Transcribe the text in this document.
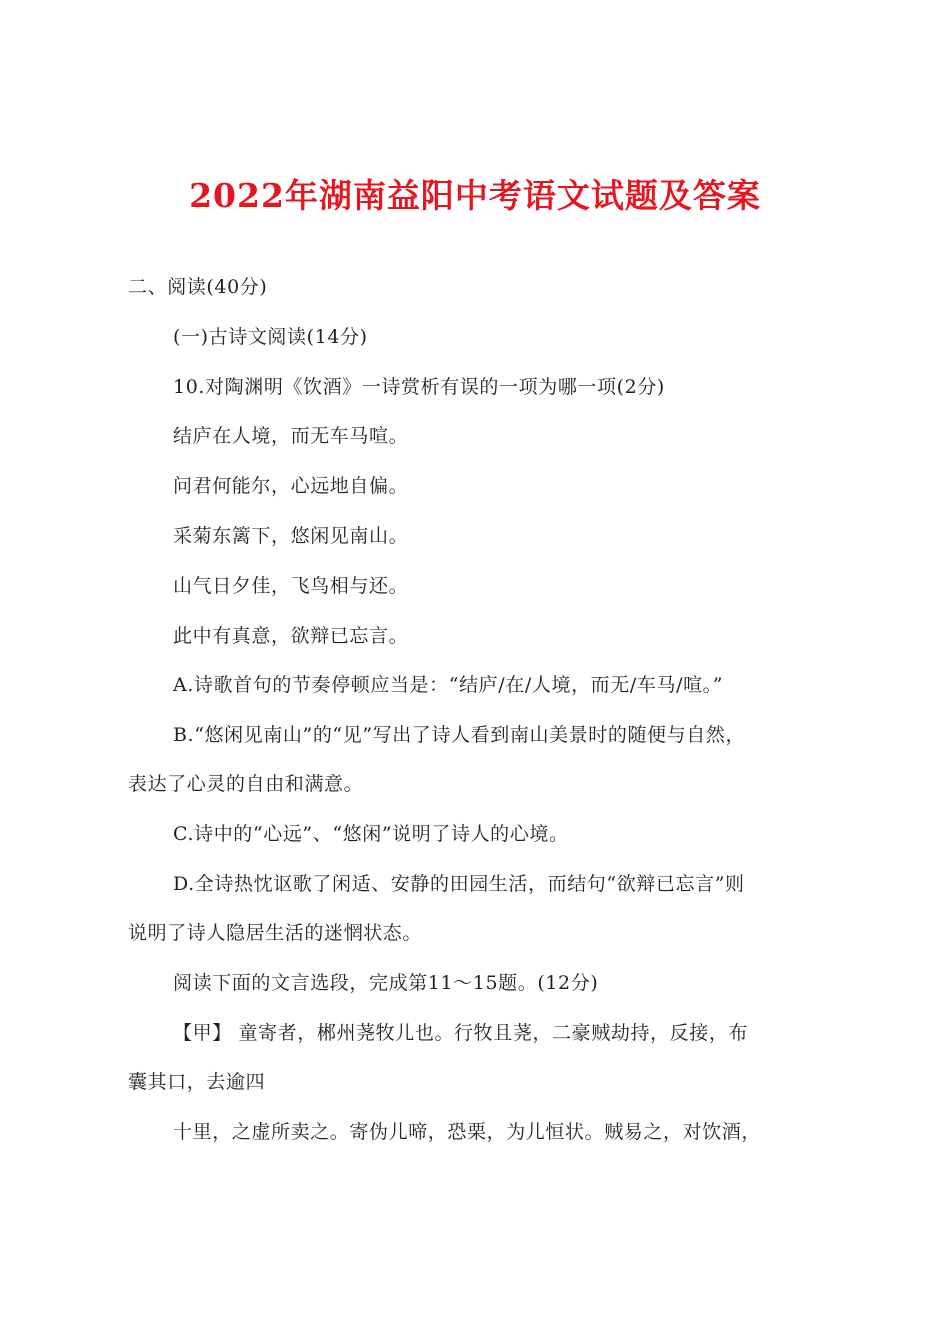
2022年湖南益阳中考语文试题及答案
二、阅读(40分)
(一)古诗文阅读(14分)
10.对陶渊明《饮酒》一诗赏析有误的一项为哪一项(2分)
结庐在人境，而无车马喧。
问君何能尔，心远地自偏。
采菊东篱下，悠闲见南山。
山气日夕佳，飞鸟相与还。
此中有真意，欲辩已忘言。
A.诗歌首句的节奏停顿应当是：“结庐/在/人境，而无/车马/喧。”
B.“悠闲见南山”的“见”写出了诗人看到南山美景时的随便与自然，
表达了心灵的自由和满意。
C.诗中的“心远”、“悠闲”说明了诗人的心境。
D.全诗热忱讴歌了闲适、安静的田园生活，而结句“欲辩已忘言”则
说明了诗人隐居生活的迷惘状态。
阅读下面的文言选段，完成第11～15题。(12分)
【甲】 童寄者，郴州荛牧儿也。行牧且荛，二豪贼劫持，反接，布
囊其口，去逾四
十里，之虚所卖之。寄伪儿啼，恐栗，为儿恒状。贼易之，对饮酒，
